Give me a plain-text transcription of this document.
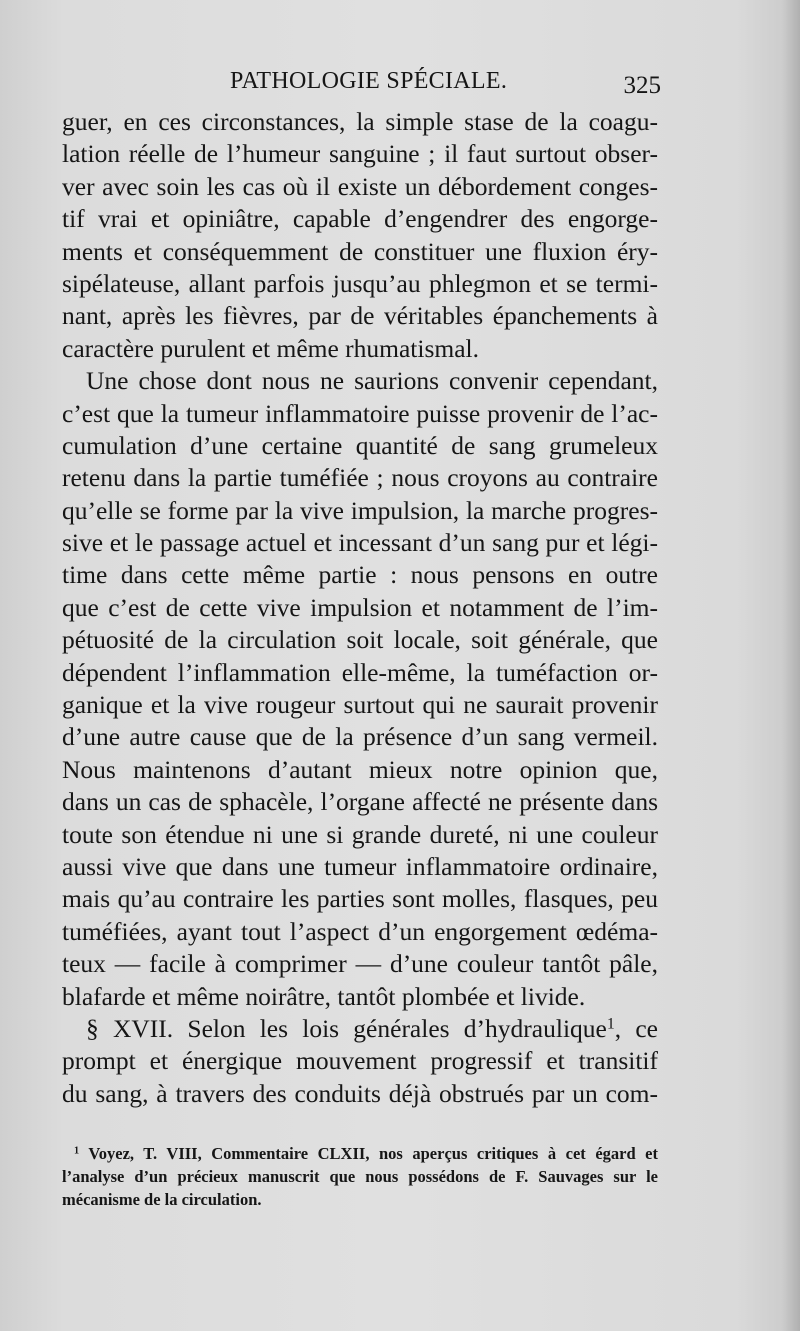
PATHOLOGIE SPÉCIALE.	325
guer, en ces circonstances, la simple stase de la coagu-
lation réelle de l’humeur sanguine ; il faut surtout obser-
ver avec soin les cas où il existe un débordement conges-
tif vrai et opiniâtre, capable d’engendrer des engorge-
ments et conséquemment de constituer une fluxion éry-
sipélateuse, allant parfois jusqu’au phlegmon et se termi-
nant, après les fièvres, par de véritables épanchements à
caractère purulent et même rhumatismal.
Une chose dont nous ne saurions convenir cependant,
c’est que la tumeur inflammatoire puisse provenir de l’ac-
cumulation d’une certaine quantité de sang grumeleux
retenu dans la partie tuméfiée ; nous croyons au contraire
qu’elle se forme par la vive impulsion, la marche progres-
sive et le passage actuel et incessant d’un sang pur et légi-
time dans cette même partie : nous pensons en outre
que c’est de cette vive impulsion et notamment de l’im-
pétuosité de la circulation soit locale, soit générale, que
dépendent l’inflammation elle-même, la tuméfaction or-
ganique et la vive rougeur surtout qui ne saurait provenir
d’une autre cause que de la présence d’un sang vermeil.
Nous maintenons d’autant mieux notre opinion que,
dans un cas de sphacèle, l’organe affecté ne présente dans
toute son étendue ni une si grande dureté, ni une couleur
aussi vive que dans une tumeur inflammatoire ordinaire,
mais qu’au contraire les parties sont molles, flasques, peu
tuméfiées, ayant tout l’aspect d’un engorgement œdéma-
teux — facile à comprimer — d’une couleur tantôt pâle,
blafarde et même noirâtre, tantôt plombée et livide.
§ XVII. Selon les lois générales d’hydraulique$^1$, ce
prompt et énergique mouvement progressif et transitif
du sang, à travers des conduits déjà obstrués par un com-
$^1$ Voyez, T. VIII, Commentaire CLXII, nos aperçus critiques à cet égard et
l’analyse d’un précieux manuscrit que nous possédons de F. Sauvages sur le
mécanisme de la circulation.
